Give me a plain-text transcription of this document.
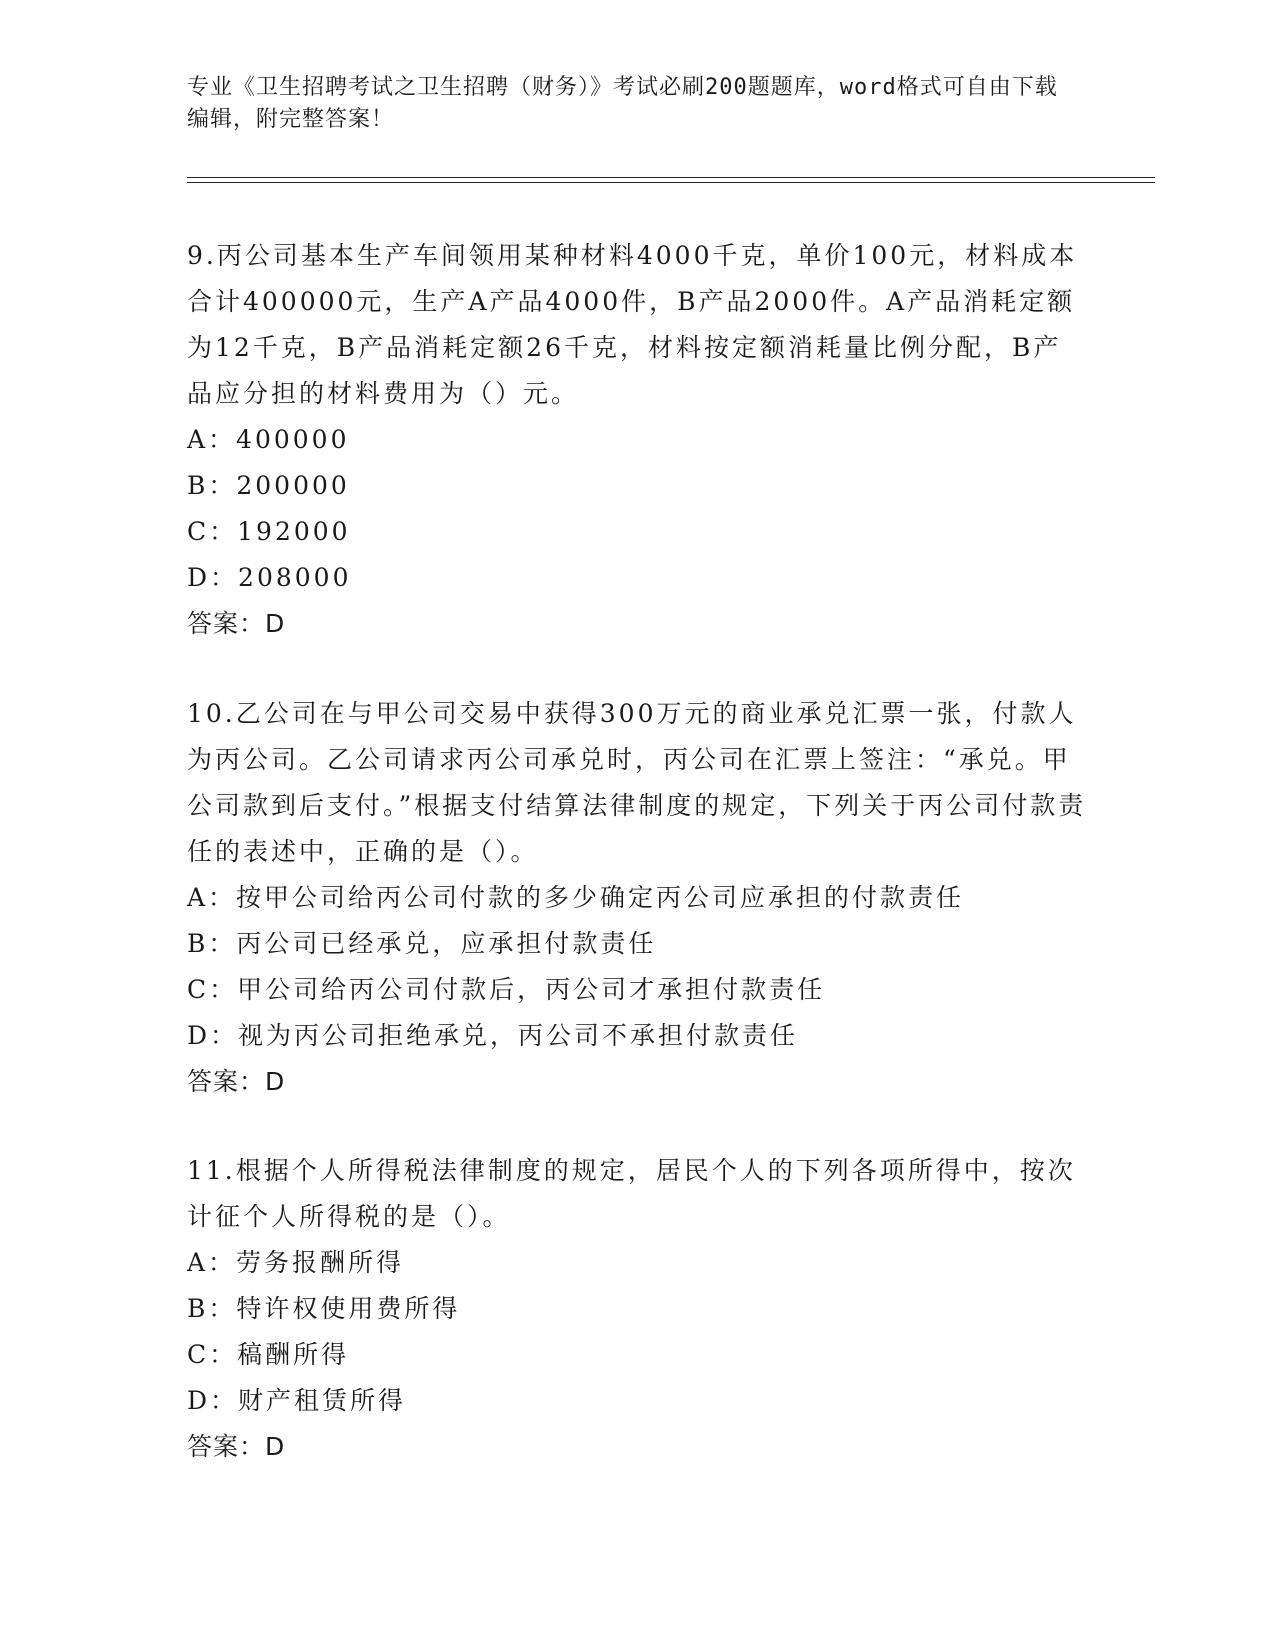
专业《卫生招聘考试之卫生招聘（财务）》考试必刷200题题库，word格式可自由下载编辑，附完整答案！

9.丙公司基本生产车间领用某种材料4000千克，单价100元，材料成本合计400000元，生产A产品4000件，B产品2000件。A产品消耗定额为12千克，B产品消耗定额26千克，材料按定额消耗量比例分配，B产品应分担的材料费用为（）元。

A：400000

B：200000

C：192000

D：208000

答案：D

10.乙公司在与甲公司交易中获得300万元的商业承兑汇票一张，付款人为丙公司。乙公司请求丙公司承兑时，丙公司在汇票上签注：“承兑。甲公司款到后支付。”根据支付结算法律制度的规定，下列关于丙公司付款责任的表述中，正确的是（）。

A：按甲公司给丙公司付款的多少确定丙公司应承担的付款责任

B：丙公司已经承兑，应承担付款责任

C：甲公司给丙公司付款后，丙公司才承担付款责任

D：视为丙公司拒绝承兑，丙公司不承担付款责任

答案：D

11.根据个人所得税法律制度的规定，居民个人的下列各项所得中，按次计征个人所得税的是（）。

A：劳务报酬所得

B：特许权使用费所得

C：稿酬所得

D：财产租赁所得

答案：D
